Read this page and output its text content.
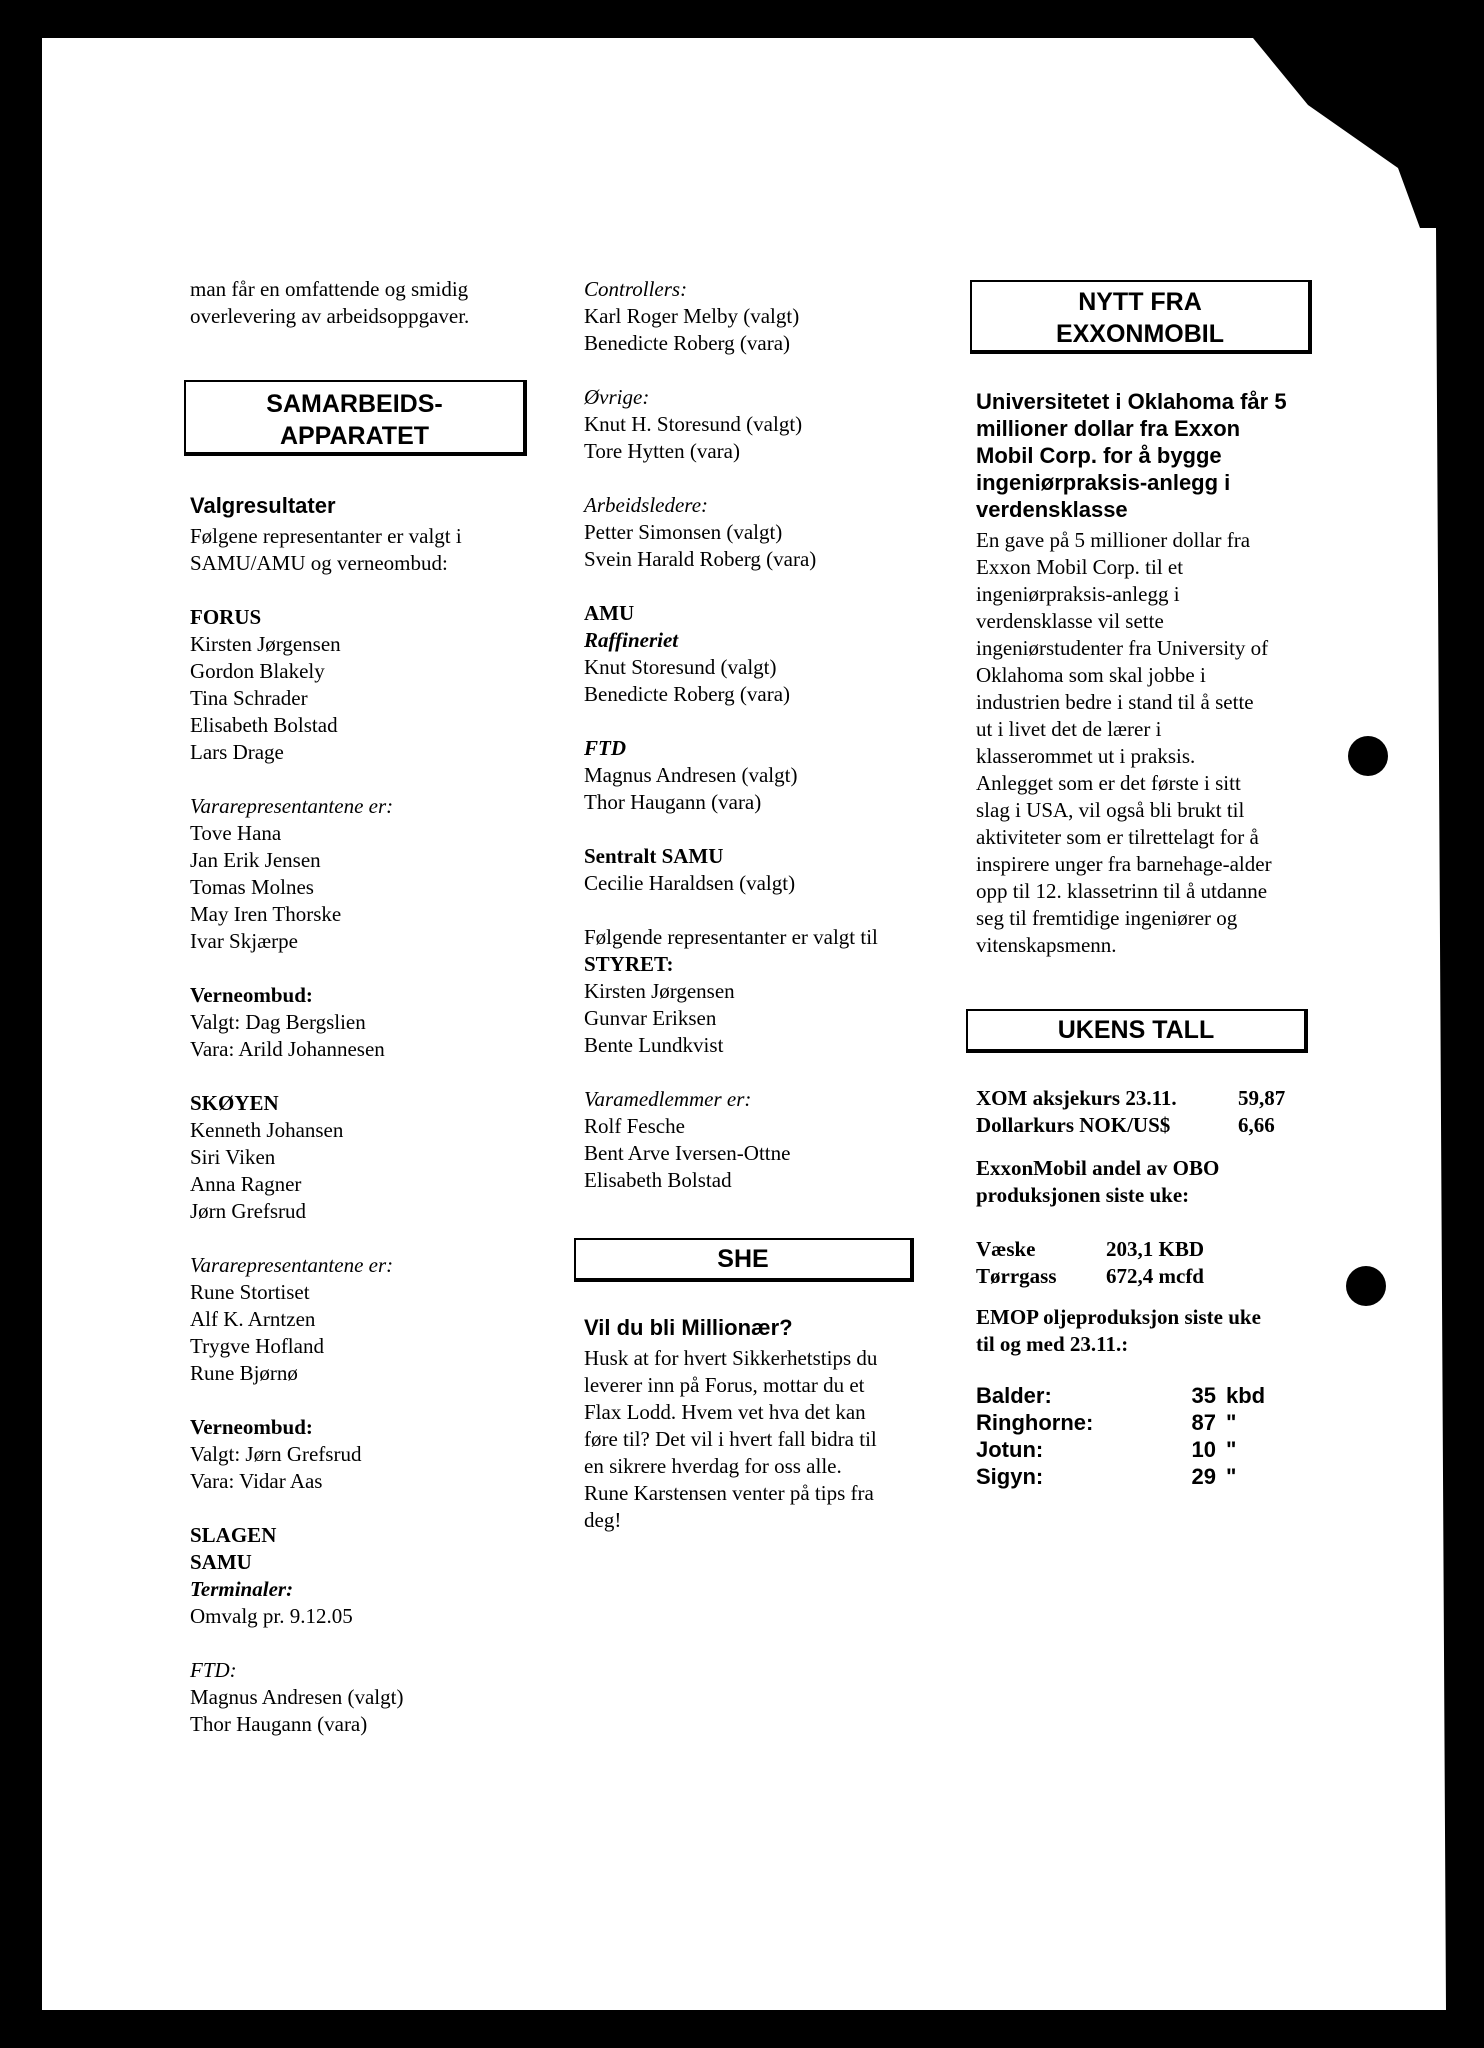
man får en omfattende og smidig

overlevering av arbeidsoppgaver.

SAMARBEIDS-

APPARATET

Valgresultater

Følgene representanter er valgt i

SAMU/AMU og verneombud:

FORUS

Kirsten Jørgensen

Gordon Blakely

Tina Schrader

Elisabeth Bolstad

Lars Drage

Vararepresentantene er:

Tove Hana

Jan Erik Jensen

Tomas Molnes

May Iren Thorske

Ivar Skjærpe

Verneombud:

Valgt: Dag Bergslien

Vara: Arild Johannesen

SKØYEN

Kenneth Johansen

Siri Viken

Anna Ragner

Jørn Grefsrud

Vararepresentantene er:

Rune Stortiset

Alf K. Arntzen

Trygve Hofland

Rune Bjørnø

Verneombud:

Valgt: Jørn Grefsrud

Vara: Vidar Aas

SLAGEN

SAMU

Terminaler:

Omvalg pr. 9.12.05

FTD:

Magnus Andresen (valgt)

Thor Haugann (vara)

Controllers:

Karl Roger Melby (valgt)

Benedicte Roberg (vara)

Øvrige:

Knut H. Storesund (valgt)

Tore Hytten (vara)

Arbeidsledere:

Petter Simonsen (valgt)

Svein Harald Roberg (vara)

AMU

Raffineriet

Knut Storesund (valgt)

Benedicte Roberg (vara)

FTD

Magnus Andresen (valgt)

Thor Haugann (vara)

Sentralt SAMU

Cecilie Haraldsen (valgt)

Følgende representanter er valgt til

STYRET:

Kirsten Jørgensen

Gunvar Eriksen

Bente Lundkvist

Varamedlemmer er:

Rolf Fesche

Bent Arve Iversen-Ottne

Elisabeth Bolstad

SHE

Vil du bli Millionær?

Husk at for hvert Sikkerhetstips du

leverer inn på Forus, mottar du et

Flax Lodd. Hvem vet hva det kan

føre til? Det vil i hvert fall bidra til

en sikrere hverdag for oss alle.

Rune Karstensen venter på tips fra

deg!

NYTT FRA

EXXONMOBIL

Universitetet i Oklahoma får 5

millioner dollar fra Exxon

Mobil Corp. for å bygge

ingeniørpraksis-anlegg i

verdensklasse

En gave på 5 millioner dollar fra

Exxon Mobil Corp. til et

ingeniørpraksis-anlegg i

verdensklasse vil sette

ingeniørstudenter fra University of

Oklahoma som skal jobbe i

industrien bedre i stand til å sette

ut i livet det de lærer i

klasserommet ut i praksis.

Anlegget som er det første i sitt

slag i USA, vil også bli brukt til

aktiviteter som er tilrettelagt for å

inspirere unger fra barnehage-alder

opp til 12. klassetrinn til å utdanne

seg til fremtidige ingeniører og

vitenskapsmenn.

UKENS TALL

XOM aksjekurs 23.11.	59,87
Dollarkurs NOK/US$	6,66

ExxonMobil andel av OBO

produksjonen siste uke:

Væske	203,1 KBD
Tørrgass	672,4 mcfd

EMOP oljeproduksjon siste uke

til og med 23.11.:

Balder:	35 kbd
Ringhorne:	87 "
Jotun:	10 "
Sigyn:	29 "
